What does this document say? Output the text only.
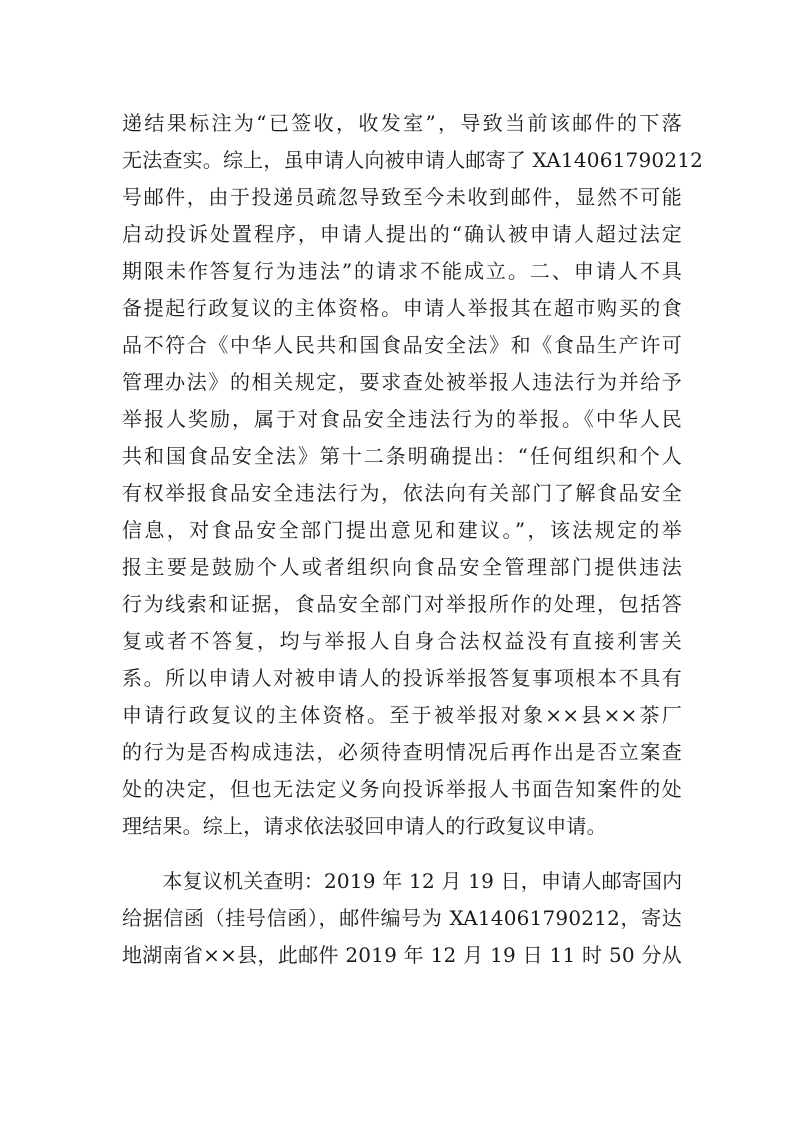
递结果标注为“已签收，收发室”，导致当前该邮件的下落
无法查实。综上，虽申请人向被申请人邮寄了 XA14061790212
号邮件，由于投递员疏忽导致至今未收到邮件，显然不可能
启动投诉处置程序，申请人提出的“确认被申请人超过法定
期限未作答复行为违法”的请求不能成立。二、申请人不具
备提起行政复议的主体资格。申请人举报其在超市购买的食
品不符合《中华人民共和国食品安全法》和《食品生产许可
管理办法》的相关规定，要求查处被举报人违法行为并给予
举报人奖励，属于对食品安全违法行为的举报。《中华人民
共和国食品安全法》第十二条明确提出：“任何组织和个人
有权举报食品安全违法行为，依法向有关部门了解食品安全
信息，对食品安全部门提出意见和建议。”，该法规定的举
报主要是鼓励个人或者组织向食品安全管理部门提供违法
行为线索和证据，食品安全部门对举报所作的处理，包括答
复或者不答复，均与举报人自身合法权益没有直接利害关
系。所以申请人对被申请人的投诉举报答复事项根本不具有
申请行政复议的主体资格。至于被举报对象××县××茶厂
的行为是否构成违法，必须待查明情况后再作出是否立案查
处的决定，但也无法定义务向投诉举报人书面告知案件的处
理结果。综上，请求依法驳回申请人的行政复议申请。
　　本复议机关查明：2019 年 12 月 19 日，申请人邮寄国内
给据信函（挂号信函），邮件编号为 XA14061790212，寄达
地湖南省××县，此邮件 2019 年 12 月 19 日 11 时 50 分从
